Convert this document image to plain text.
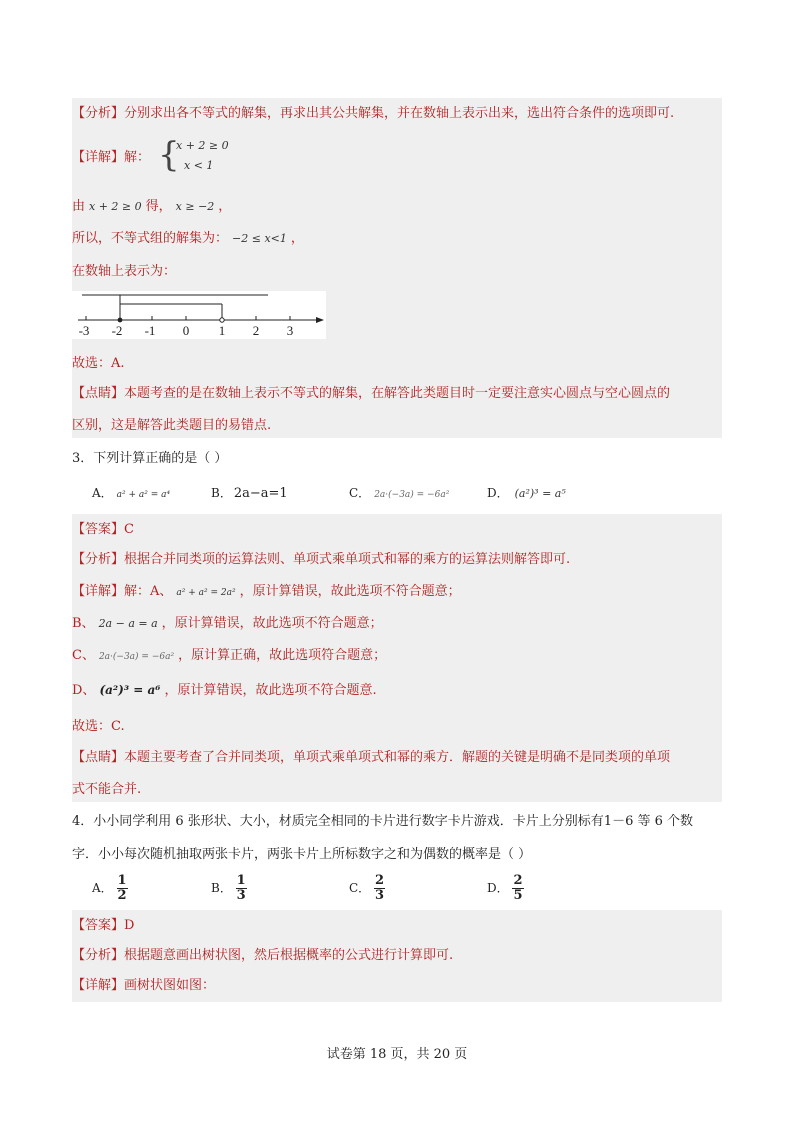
【分析】分别求出各不等式的解集，再求出其公共解集，并在数轴上表示出来，选出符合条件的选项即可.
【详解】解： {
x + 2 ≥ 0
x < 1
由 x + 2 ≥ 0 得， x ≥ −2 ，
所以，不等式组的解集为： −2 ≤ x<1 ，
在数轴上表示为：
-3 -2 -1 0 1 2 3
故选：A.
【点睛】本题考查的是在数轴上表示不等式的解集，在解答此类题目时一定要注意实心圆点与空心圆点的
区别，这是解答此类题目的易错点.
3．下列计算正确的是（ ）
A． a² + a² = a⁴	B． 2a−a=1	C． 2a·(−3a) = −6a²	D． (a²)³ = a⁵
【答案】C
【分析】根据合并同类项的运算法则、单项式乘单项式和幂的乘方的运算法则解答即可.
【详解】解：A、 a² + a² = 2a² ，原计算错误，故此选项不符合题意；
B、 2a − a = a ，原计算错误，故此选项不符合题意；
C、 2a·(−3a) = −6a² ，原计算正确，故此选项符合题意；
D、 (a²)³ = a⁶ ，原计算错误，故此选项不符合题意.
故选：C.
【点睛】本题主要考查了合并同类项，单项式乘单项式和幂的乘方．解题的关键是明确不是同类项的单项
式不能合并.
4．小小同学利用 6 张形状、大小，材质完全相同的卡片进行数字卡片游戏．卡片上分别标有1－6 等 6 个数
字．小小每次随机抽取两张卡片，两张卡片上所标数字之和为偶数的概率是（ ）
A． $\frac{1}{2}$	B． $\frac{1}{3}$	C． $\frac{2}{3}$	D． $\frac{2}{5}$
【答案】D
【分析】根据题意画出树状图，然后根据概率的公式进行计算即可.
【详解】画树状图如图：
试卷第 18 页，共 20 页
